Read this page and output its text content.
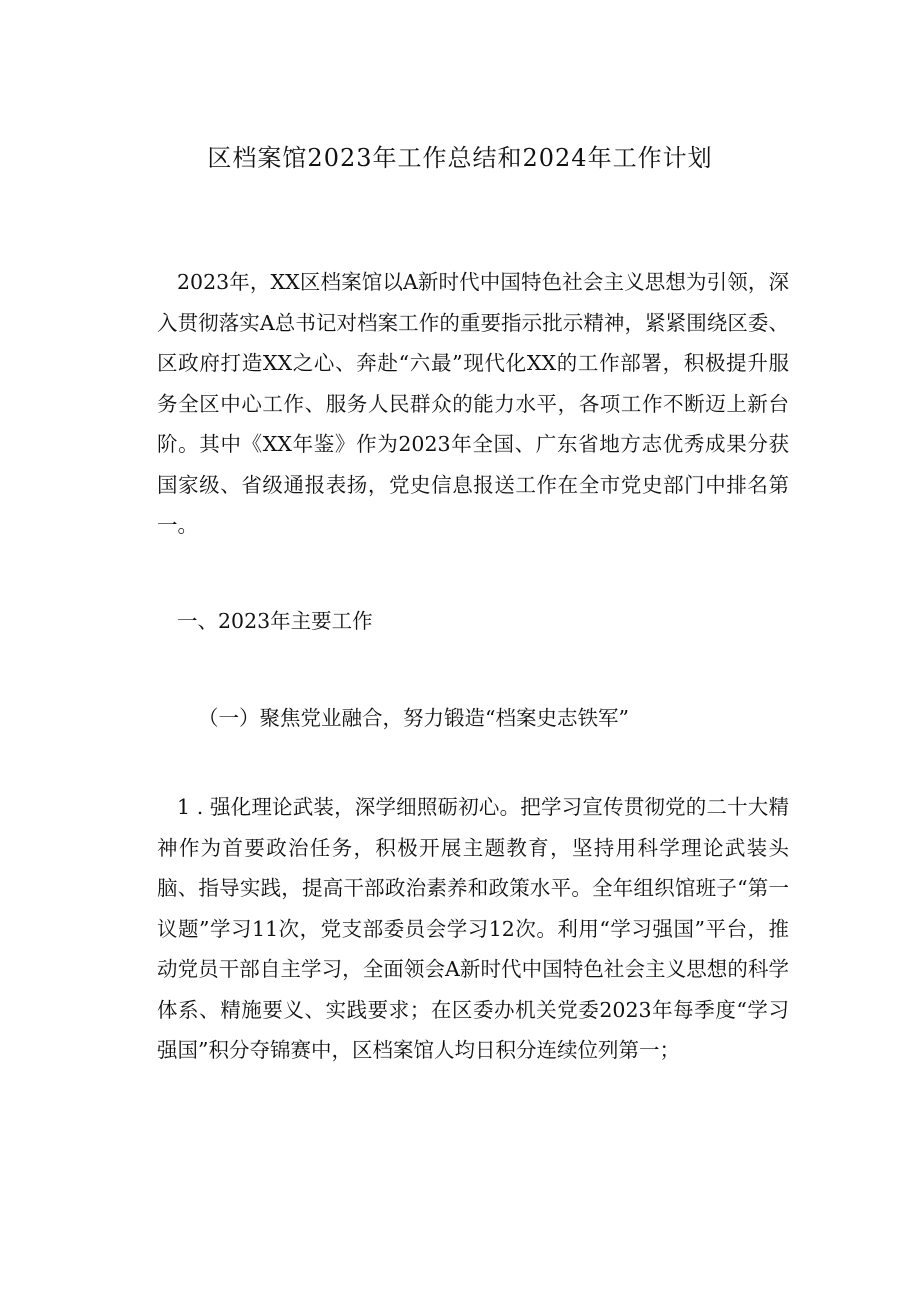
区档案馆2023年工作总结和2024年工作计划

2023年，XX区档案馆以A新时代中国特色社会主义思想为引领，深入贯彻落实A总书记对档案工作的重要指示批示精神，紧紧围绕区委、区政府打造XX之心、奔赴“六最”现代化XX的工作部署，积极提升服务全区中心工作、服务人民群众的能力水平，各项工作不断迈上新台阶。其中《XX年鉴》作为2023年全国、广东省地方志优秀成果分获国家级、省级通报表扬，党史信息报送工作在全市党史部门中排名第一。

一、2023年主要工作

（一）聚焦党业融合，努力锻造“档案史志铁军”

1 . 强化理论武装，深学细照砺初心。把学习宣传贯彻党的二十大精神作为首要政治任务，积极开展主题教育，坚持用科学理论武装头脑、指导实践，提高干部政治素养和政策水平。全年组织馆班子“第一议题”学习11次，党支部委员会学习12次。利用“学习强国”平台，推动党员干部自主学习，全面领会A新时代中国特色社会主义思想的科学体系、精施要义、实践要求；在区委办机关党委2023年每季度“学习强国”积分夺锦赛中，区档案馆人均日积分连续位列第一；
